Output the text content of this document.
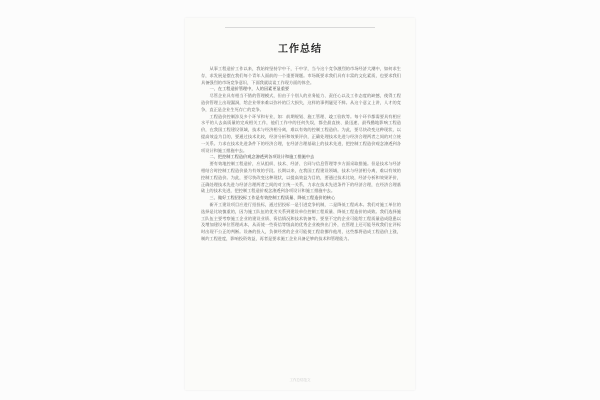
工作总结

从事工程造价工作以来，我始终坚持学中干，干中学，当今这个竞争激烈的市场经济大潮中，如何求生存，求发展是摆在我们每个青年人面前的一个重要课题。市场既要求我们具有丰富的文化素质，也要求我们具备强烈的市场竞争意识，下面我就谈谈工作现方面的体会。

一、在工程造价管理中，人的因素更显重要

尽管企业具有相当不错的管理模式，但由于个别人的业务能力、责任心以及工作态度的缺憾，使得工程造价管理上出现漏洞，给企业带来难以弥补的巨大损失，这样的事例屡见不鲜。从这个意义上讲，人才的竞争，直正是企业生死存亡的竞争。

工程造价控制涉及多个环节和专业，如：前期规划、施工管理、竣工验收等。每个环节都需要具有相应水平的人去高质量的完成相关工作，他们工作中的任何失误，都会最直接、最迅速、最残酷地影响工程造价，在我国工程建设领域，技术与经济相分离，难以有效的控制工程造价。为此，要尽快改变这种现状，以提高效益为目的，要通过技术比较，经济分析和效果评价，正确处理技术先进与经济合理两者之间的对立统一关系。力求在技术先进条件下的经济合理，在经济合理基础上的技术先进，把控制工程造价观念渗透到各项设计和施工措施中去。

二、把控制工程造价观念渗透到各项设计和施工措施中去

要有效地控制工程造价，应从组织、技术、经济、合同与信息管理等多方面采取措施。但是技术与经济相结合时控制工程造价最为有效的手段。长期以来，在我国工程建设领域，技术与经济相分离，难以有效的控制工程造价。为此，要尽快改变这种现状，以提高效益为目的，要通过技术比较，经济分析和效果评价，正确处理技术先进与经济合理两者之间的对立统一关系，力求在技术先进条件下的经济合理，在经济合理基础上的技术先进，把控制工程造价观念渗透到各项设计和施工措施中去。

三、做好工程招投标工作是有效控制工程质量、降低工程造价的核心

新开工建设项目应进行招投标，通过招投标一是引进竞争机制，二是降低工程成本。我们对施工单位的选择是比较慎重的，因为施工队伍的优劣关系到建设单位控制工程质量、降低工程造价的成败。我们选择施工队伍主要考察施工企业的建设业绩、资信情况和技术装备等。要坚不定的企业可能给工程质量造成隐患以及增加建设单位管理成本，从而使一些资信等级高的优秀企业被挤出门外，在管理上还可能导致我们在评标时出现不公正的判断。设备的投入，负债经营的企业可能使工程款挪作他用，这些都将造成工程造价上涨，制约工程进度，影响投资效益，再者是要求施工企业具备足够的技术和管理能力。

工作总结范文
